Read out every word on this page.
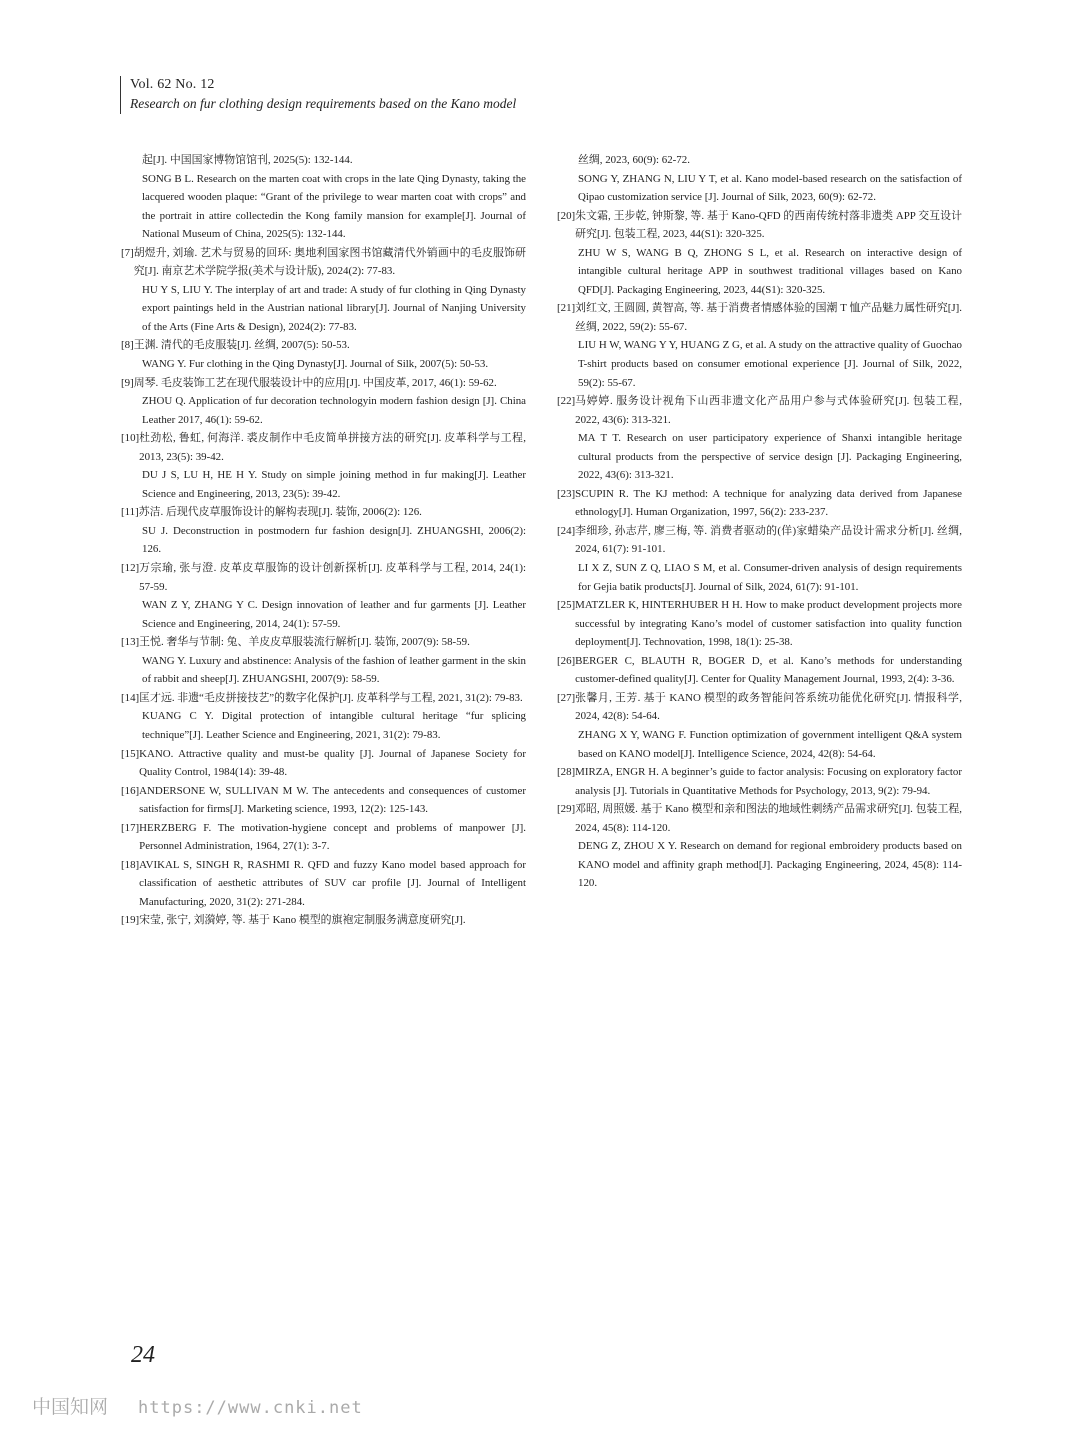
Vol. 62 No. 12
Research on fur clothing design requirements based on the Kano model
起[J]. 中国国家博物馆馆刊, 2025(5): 132-144.
SONG B L. Research on the marten coat with crops in the late Qing Dynasty, taking the lacquered wooden plaque: “Grant of the privilege to wear marten coat with crops” and the portrait in attire collectedin the Kong family mansion for example[J]. Journal of National Museum of China, 2025(5): 132-144.
[7] 胡煜升, 刘瑜. 艺术与贸易的回环: 奥地利国家图书馆藏清代外销画中的毛皮服饰研究[J]. 南京艺术学院学报(美术与设计版), 2024(2): 77-83.
HU Y S, LIU Y. The interplay of art and trade: A study of fur clothing in Qing Dynasty export paintings held in the Austrian national library[J]. Journal of Nanjing University of the Arts (Fine Arts & Design), 2024(2): 77-83.
[8] 王渊. 清代的毛皮服装[J]. 丝绸, 2007(5): 50-53.
WANG Y. Fur clothing in the Qing Dynasty[J]. Journal of Silk, 2007(5): 50-53.
[9] 周琴. 毛皮装饰工艺在现代服装设计中的应用[J]. 中国皮革, 2017, 46(1): 59-62.
ZHOU Q. Application of fur decoration technologyin modern fashion design [J]. China Leather 2017, 46(1): 59-62.
[10] 杜劲松, 鲁虹, 何海洋. 裘皮制作中毛皮简单拼接方法的研究[J]. 皮革科学与工程, 2013, 23(5): 39-42.
DU J S, LU H, HE H Y. Study on simple joining method in fur making[J]. Leather Science and Engineering, 2013, 23(5): 39-42.
[11] 苏洁. 后现代皮草服饰设计的解构表现[J]. 装饰, 2006(2): 126.
SU J. Deconstruction in postmodern fur fashion design[J]. ZHUANGSHI, 2006(2): 126.
[12] 万宗瑜, 张与澄. 皮革皮草服饰的设计创新探析[J]. 皮革科学与工程, 2014, 24(1): 57-59.
WAN Z Y, ZHANG Y C. Design innovation of leather and fur garments [J]. Leather Science and Engineering, 2014, 24(1): 57-59.
[13] 王悦. 奢华与节制: 兔、羊皮皮草服装流行解析[J]. 装饰, 2007(9): 58-59.
WANG Y. Luxury and abstinence: Analysis of the fashion of leather garment in the skin of rabbit and sheep[J]. ZHUANGSHI, 2007(9): 58-59.
[14] 匡才远. 非遗“毛皮拼接技艺”的数字化保护[J]. 皮革科学与工程, 2021, 31(2): 79-83.
KUANG C Y. Digital protection of intangible cultural heritage “fur splicing technique”[J]. Leather Science and Engineering, 2021, 31(2): 79-83.
[15] KANO. Attractive quality and must-be quality [J]. Journal of Japanese Society for Quality Control, 1984(14): 39-48.
[16] ANDERSONE W, SULLIVAN M W. The antecedents and consequences of customer satisfaction for firms[J]. Marketing science, 1993, 12(2): 125-143.
[17] HERZBERG F. The motivation-hygiene concept and problems of manpower [J]. Personnel Administration, 1964, 27(1): 3-7.
[18] AVIKAL S, SINGH R, RASHMI R. QFD and fuzzy Kano model based approach for classification of aesthetic attributes of SUV car profile [J]. Journal of Intelligent Manufacturing, 2020, 31(2): 271-284.
[19] 宋莹, 张宁, 刘漪婷, 等. 基于 Kano 模型的旗袍定制服务满意度研究[J].
丝绸, 2023, 60(9): 62-72.
SONG Y, ZHANG N, LIU Y T, et al. Kano model-based research on the satisfaction of Qipao customization service [J]. Journal of Silk, 2023, 60(9): 62-72.
[20] 朱文霜, 王步乾, 钟斯黎, 等. 基于 Kano-QFD 的西南传统村落非遗类 APP 交互设计研究[J]. 包装工程, 2023, 44(S1): 320-325.
ZHU W S, WANG B Q, ZHONG S L, et al. Research on interactive design of intangible cultural heritage APP in southwest traditional villages based on Kano QFD[J]. Packaging Engineering, 2023, 44(S1): 320-325.
[21] 刘红文, 王圆圆, 黄智高, 等. 基于消费者情感体验的国潮 T 恤产品魅力属性研究[J]. 丝绸, 2022, 59(2): 55-67.
LIU H W, WANG Y Y, HUANG Z G, et al. A study on the attractive quality of Guochao T-shirt products based on consumer emotional experience [J]. Journal of Silk, 2022, 59(2): 55-67.
[22] 马婷婷. 服务设计视角下山西非遗文化产品用户参与式体验研究[J]. 包装工程, 2022, 43(6): 313-321.
MA T T. Research on user participatory experience of Shanxi intangible heritage cultural products from the perspective of service design [J]. Packaging Engineering, 2022, 43(6): 313-321.
[23] SCUPIN R. The KJ method: A technique for analyzing data derived from Japanese ethnology[J]. Human Organization, 1997, 56(2): 233-237.
[24] 李细珍, 孙志芹, 廖三梅, 等. 消费者驱动的(佯)家蜡染产品设计需求分析[J]. 丝绸, 2024, 61(7): 91-101.
LI X Z, SUN Z Q, LIAO S M, et al. Consumer-driven analysis of design requirements for Gejia batik products[J]. Journal of Silk, 2024, 61(7): 91-101.
[25] MATZLER K, HINTERHUBER H H. How to make product development projects more successful by integrating Kano’s model of customer satisfaction into quality function deployment[J]. Technovation, 1998, 18(1): 25-38.
[26] BERGER C, BLAUTH R, BOGER D, et al. Kano’s methods for understanding customer-defined quality[J]. Center for Quality Management Journal, 1993, 2(4): 3-36.
[27] 张馨月, 王芳. 基于 KANO 模型的政务智能问答系统功能优化研究[J]. 情报科学, 2024, 42(8): 54-64.
ZHANG X Y, WANG F. Function optimization of government intelligent Q&A system based on KANO model[J]. Intelligence Science, 2024, 42(8): 54-64.
[28] MIRZA, ENGR H. A beginner’s guide to factor analysis: Focusing on exploratory factor analysis [J]. Tutorials in Quantitative Methods for Psychology, 2013, 9(2): 79-94.
[29] 邓昭, 周照媛. 基于 Kano 模型和亲和图法的地域性刺绣产品需求研究[J]. 包装工程, 2024, 45(8): 114-120.
DENG Z, ZHOU X Y. Research on demand for regional embroidery products based on KANO model and affinity graph method[J]. Packaging Engineering, 2024, 45(8): 114-120.
24
中国知网 https://www.cnki.net
